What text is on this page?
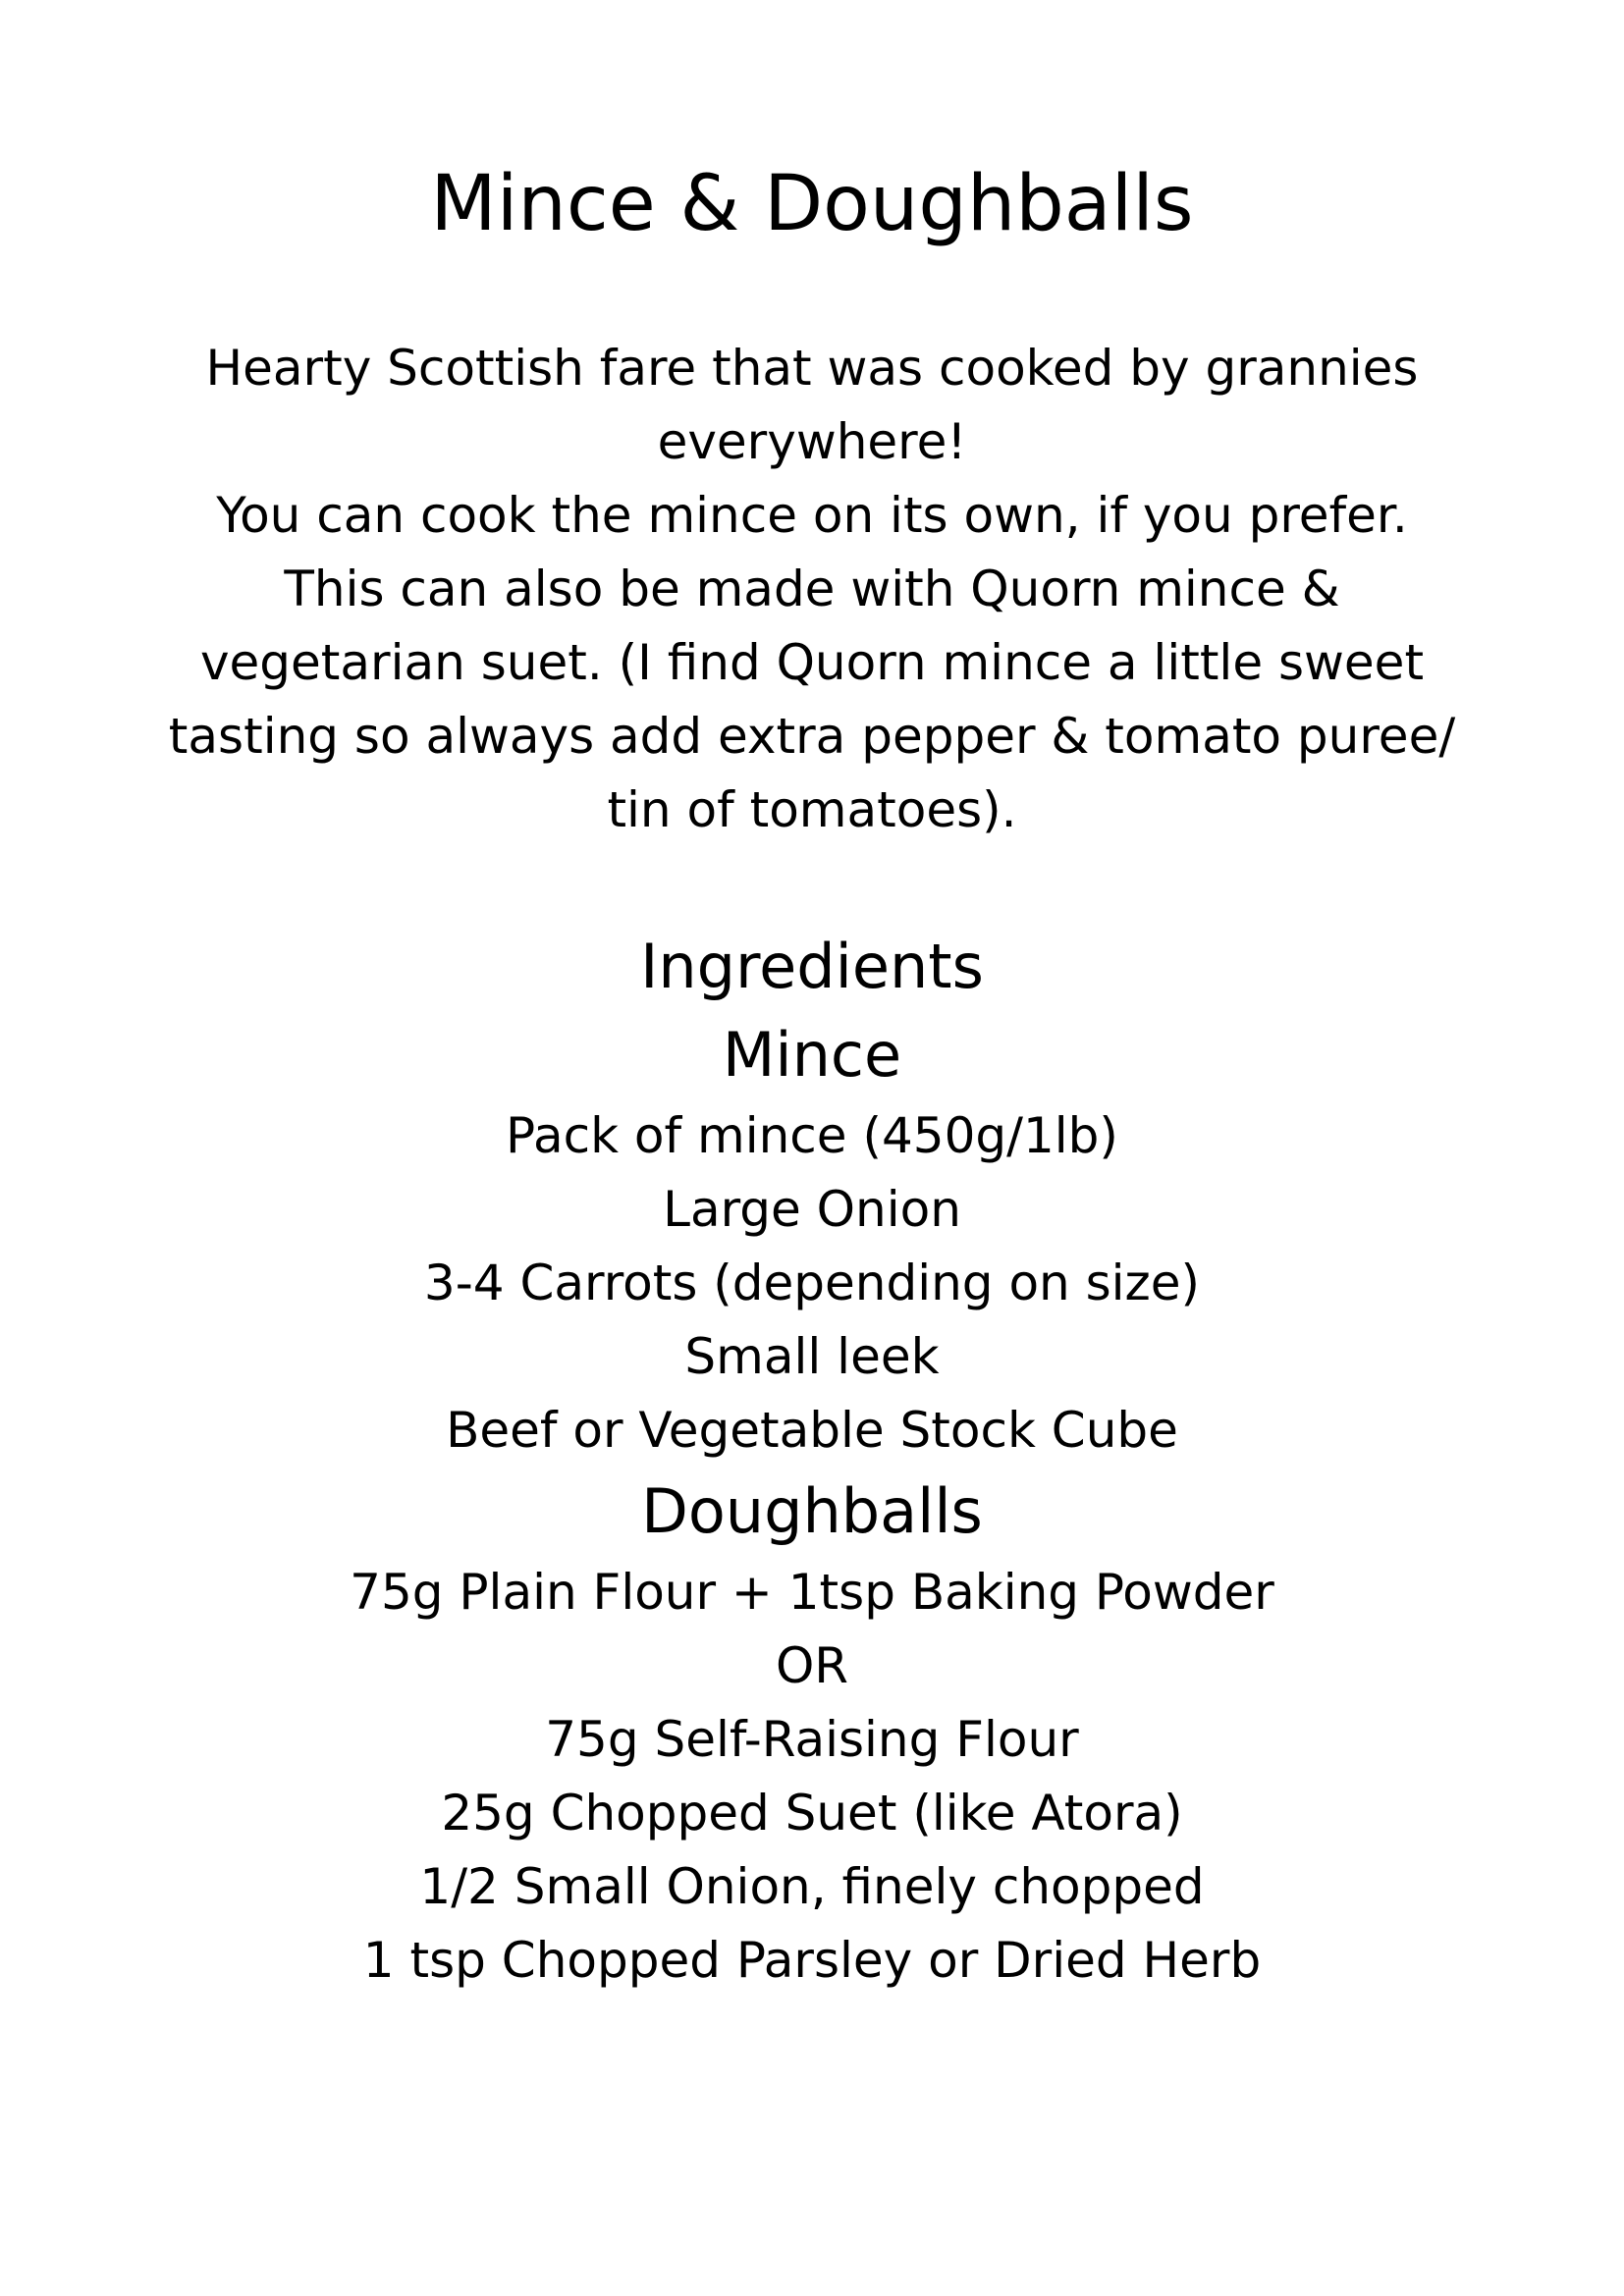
Mince & Doughballs
Hearty Scottish fare that was cooked by grannies
everywhere!
You can cook the mince on its own, if you prefer.
This can also be made with Quorn mince &
vegetarian suet. (I find Quorn mince a little sweet
tasting so always add extra pepper & tomato puree/
tin of tomatoes).
Ingredients
Mince
Pack of mince (450g/1lb)
Large Onion
3-4 Carrots (depending on size)
Small leek
Beef or Vegetable Stock Cube
Doughballs
75g Plain Flour + 1tsp Baking Powder
OR
75g Self-Raising Flour
25g Chopped Suet (like Atora)
1/2 Small Onion, finely chopped
1 tsp Chopped Parsley or Dried Herb
